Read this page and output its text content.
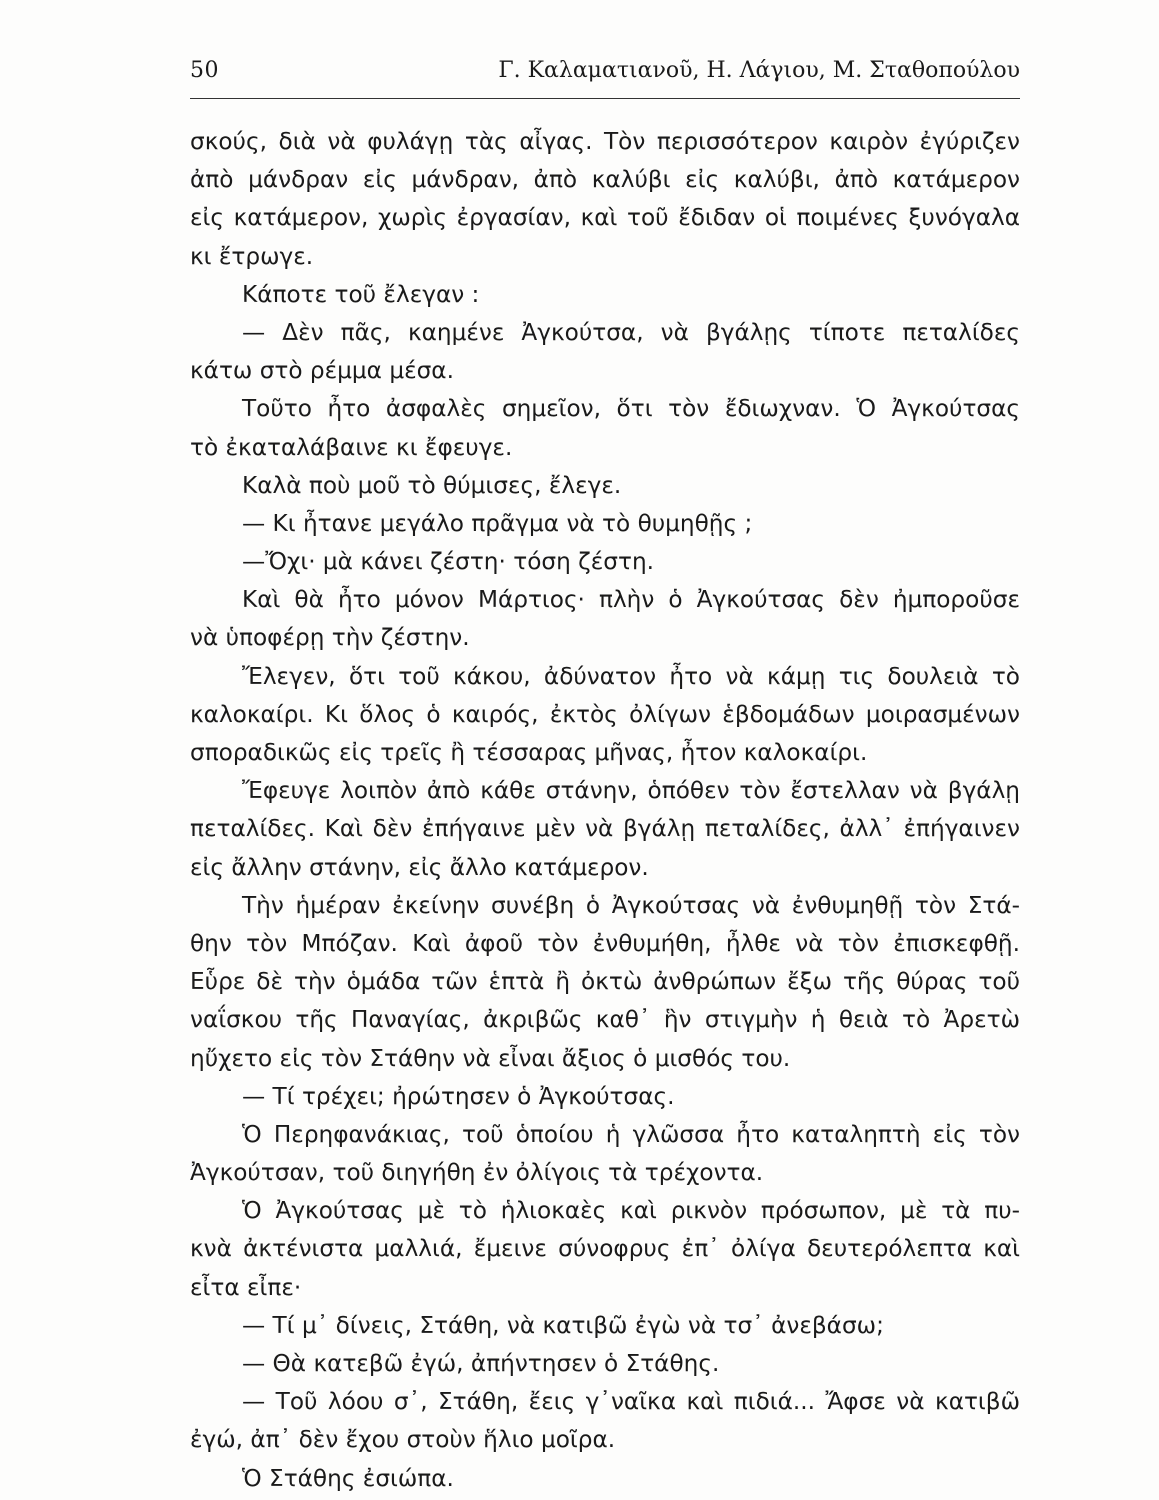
50	Γ. Καλαματιανοῦ, Η. Λάγιου, Μ. Σταθοπούλου
σκούς, διὰ νὰ φυλάγῃ τὰς αἶγας. Τὸν περισσότερον καιρὸν ἐγύριζεν
ἀπὸ μάνδραν εἰς μάνδραν, ἀπὸ καλύβι εἰς καλύβι, ἀπὸ κατάμερον
εἰς κατάμερον, χωρὶς ἐργασίαν, καὶ τοῦ ἔδιδαν οἱ ποιμένες ξυνόγαλα
κι ἔτρωγε.
Κάποτε τοῦ ἔλεγαν :
— Δὲν πᾶς, καημένε Ἀγκούτσα, νὰ βγάλῃς τίποτε πεταλίδες
κάτω στὸ ρέμμα μέσα.
Τοῦτο ἦτο ἀσφαλὲς σημεῖον, ὅτι τὸν ἔδιωχναν. Ὁ Ἀγκούτσας
τὸ ἐκαταλάβαινε κι ἔφευγε.
Καλὰ ποὺ μοῦ τὸ θύμισες, ἔλεγε.
— Κι ἦτανε μεγάλο πρᾶγμα νὰ τὸ θυμηθῇς ;
—Ὄχι· μὰ κάνει ζέστη· τόση ζέστη.
Καὶ θὰ ἦτο μόνον Μάρτιος· πλὴν ὁ Ἀγκούτσας δὲν ἠμποροῦσε
νὰ ὑποφέρῃ τὴν ζέστην.
Ἔλεγεν, ὅτι τοῦ κάκου, ἀδύνατον ἦτο νὰ κάμῃ τις δουλειὰ τὸ
καλοκαίρι. Κι ὅλος ὁ καιρός, ἐκτὸς ὀλίγων ἑβδομάδων μοιρασμένων
σποραδικῶς εἰς τρεῖς ἢ τέσσαρας μῆνας, ἦτον καλοκαίρι.
Ἔφευγε λοιπὸν ἀπὸ κάθε στάνην, ὁπόθεν τὸν ἔστελλαν νὰ βγάλῃ
πεταλίδες. Καὶ δὲν ἐπήγαινε μὲν νὰ βγάλῃ πεταλίδες, ἀλλ᾽ ἐπήγαινεν
εἰς ἄλλην στάνην, εἰς ἄλλο κατάμερον.
Τὴν ἡμέραν ἐκείνην συνέβη ὁ Ἀγκούτσας νὰ ἐνθυμηθῇ τὸν Στά-
θην τὸν Μπόζαν. Καὶ ἀφοῦ τὸν ἐνθυμήθη, ἦλθε νὰ τὸν ἐπισκεφθῇ.
Εὗρε δὲ τὴν ὁμάδα τῶν ἑπτὰ ἢ ὀκτὼ ἀνθρώπων ἔξω τῆς θύρας τοῦ
ναΐσκου τῆς Παναγίας, ἀκριβῶς καθ᾽ ἣν στιγμὴν ἡ θειὰ τὸ Ἀρετὼ
ηὔχετο εἰς τὸν Στάθην νὰ εἶναι ἄξιος ὁ μισθός του.
— Τί τρέχει; ἠρώτησεν ὁ Ἀγκούτσας.
Ὁ Περηφανάκιας, τοῦ ὁποίου ἡ γλῶσσα ἦτο καταληπτὴ εἰς τὸν
Ἀγκούτσαν, τοῦ διηγήθη ἐν ὀλίγοις τὰ τρέχοντα.
Ὁ Ἀγκούτσας μὲ τὸ ἡλιοκαὲς καὶ ρικνὸν πρόσωπον, μὲ τὰ πυ-
κνὰ ἀκτένιστα μαλλιά, ἔμεινε σύνοφρυς ἐπ᾽ ὀλίγα δευτερόλεπτα καὶ
εἶτα εἶπε·
— Τί μ᾽ δίνεις, Στάθη, νὰ κατιβῶ ἐγὼ νὰ τσ᾽ ἀνεβάσω;
— Θὰ κατεβῶ ἐγώ, ἀπήντησεν ὁ Στάθης.
— Τοῦ λόου σ᾽, Στάθη, ἔεις γ᾽ναῖκα καὶ πιδιά... Ἄφσε νὰ κατιβῶ
ἐγώ, ἀπ᾽ δὲν ἔχου στοὺν ἥλιο μοῖρα.
Ὁ Στάθης ἐσιώπα.
